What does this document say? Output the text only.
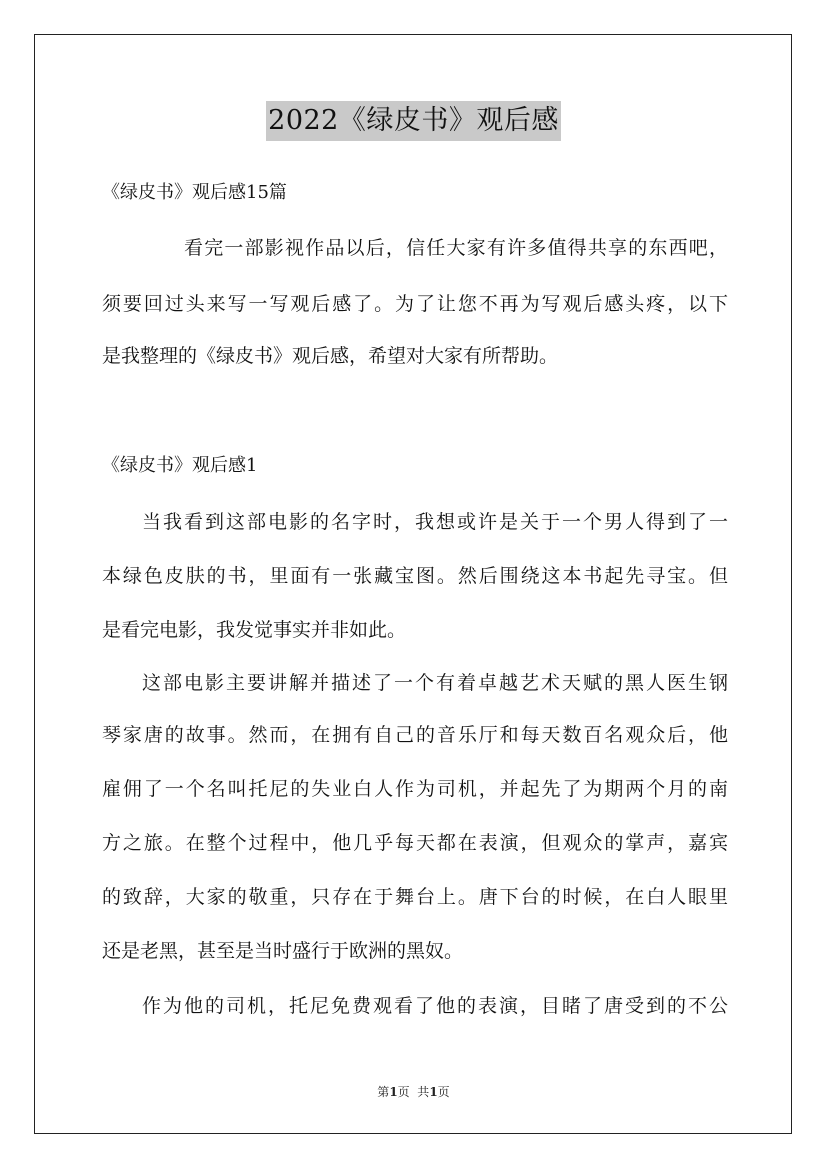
2022《绿皮书》观后感
《绿皮书》观后感15篇
看完一部影视作品以后，信任大家有许多值得共享的东西吧，
须要回过头来写一写观后感了。为了让您不再为写观后感头疼，以下
是我整理的《绿皮书》观后感，希望对大家有所帮助。
《绿皮书》观后感1
当我看到这部电影的名字时，我想或许是关于一个男人得到了一
本绿色皮肤的书，里面有一张藏宝图。然后围绕这本书起先寻宝。但
是看完电影，我发觉事实并非如此。
这部电影主要讲解并描述了一个有着卓越艺术天赋的黑人医生钢
琴家唐的故事。然而，在拥有自己的音乐厅和每天数百名观众后，他
雇佣了一个名叫托尼的失业白人作为司机，并起先了为期两个月的南
方之旅。在整个过程中，他几乎每天都在表演，但观众的掌声，嘉宾
的致辞，大家的敬重，只存在于舞台上。唐下台的时候，在白人眼里
还是老黑，甚至是当时盛行于欧洲的黑奴。
作为他的司机，托尼免费观看了他的表演，目睹了唐受到的不公
第1页  共1页
